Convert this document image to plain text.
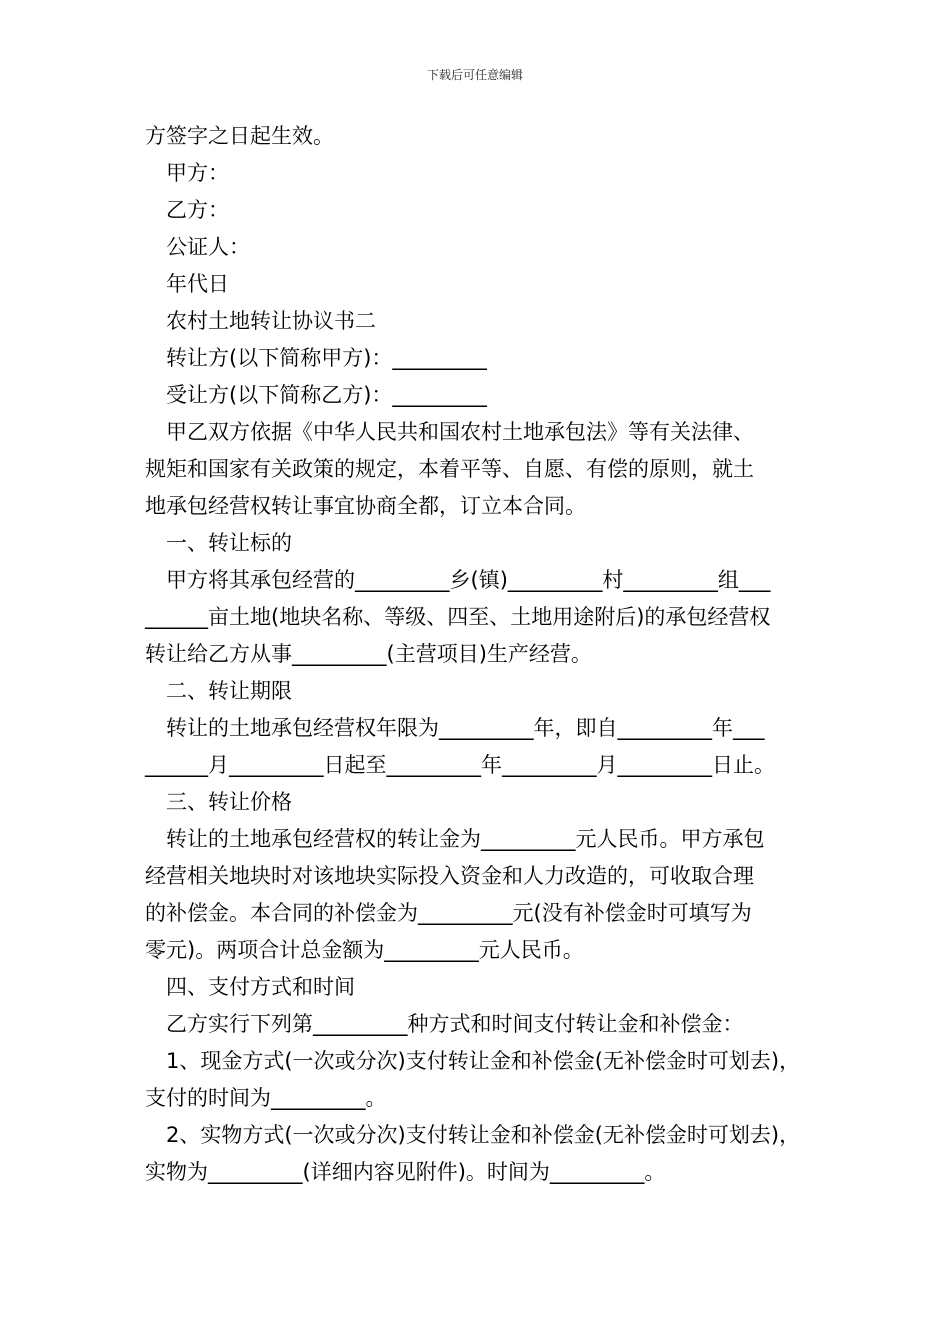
下载后可任意编辑
方签字之日起生效。
甲方：
乙方：
公证人：
年代日
农村土地转让协议书二
转让方(以下简称甲方)：_________
受让方(以下简称乙方)：_________
甲乙双方依据《中华人民共和国农村土地承包法》等有关法律、
规矩和国家有关政策的规定，本着平等、自愿、有偿的原则，就土
地承包经营权转让事宜协商全都，订立本合同。
一、转让标的
甲方将其承包经营的_________乡(镇)_________村_________组___
______亩土地(地块名称、等级、四至、土地用途附后)的承包经营权
转让给乙方从事_________(主营项目)生产经营。
二、转让期限
转让的土地承包经营权年限为_________年，即自_________年___
______月_________日起至_________年_________月_________日止。
三、转让价格
转让的土地承包经营权的转让金为_________元人民币。甲方承包
经营相关地块时对该地块实际投入资金和人力改造的，可收取合理
的补偿金。本合同的补偿金为_________元(没有补偿金时可填写为
零元)。两项合计总金额为_________元人民币。
四、支付方式和时间
乙方实行下列第_________种方式和时间支付转让金和补偿金：
1、现金方式(一次或分次)支付转让金和补偿金(无补偿金时可划去)，
支付的时间为_________。
2、实物方式(一次或分次)支付转让金和补偿金(无补偿金时可划去)，
实物为_________(详细内容见附件)。时间为_________。
